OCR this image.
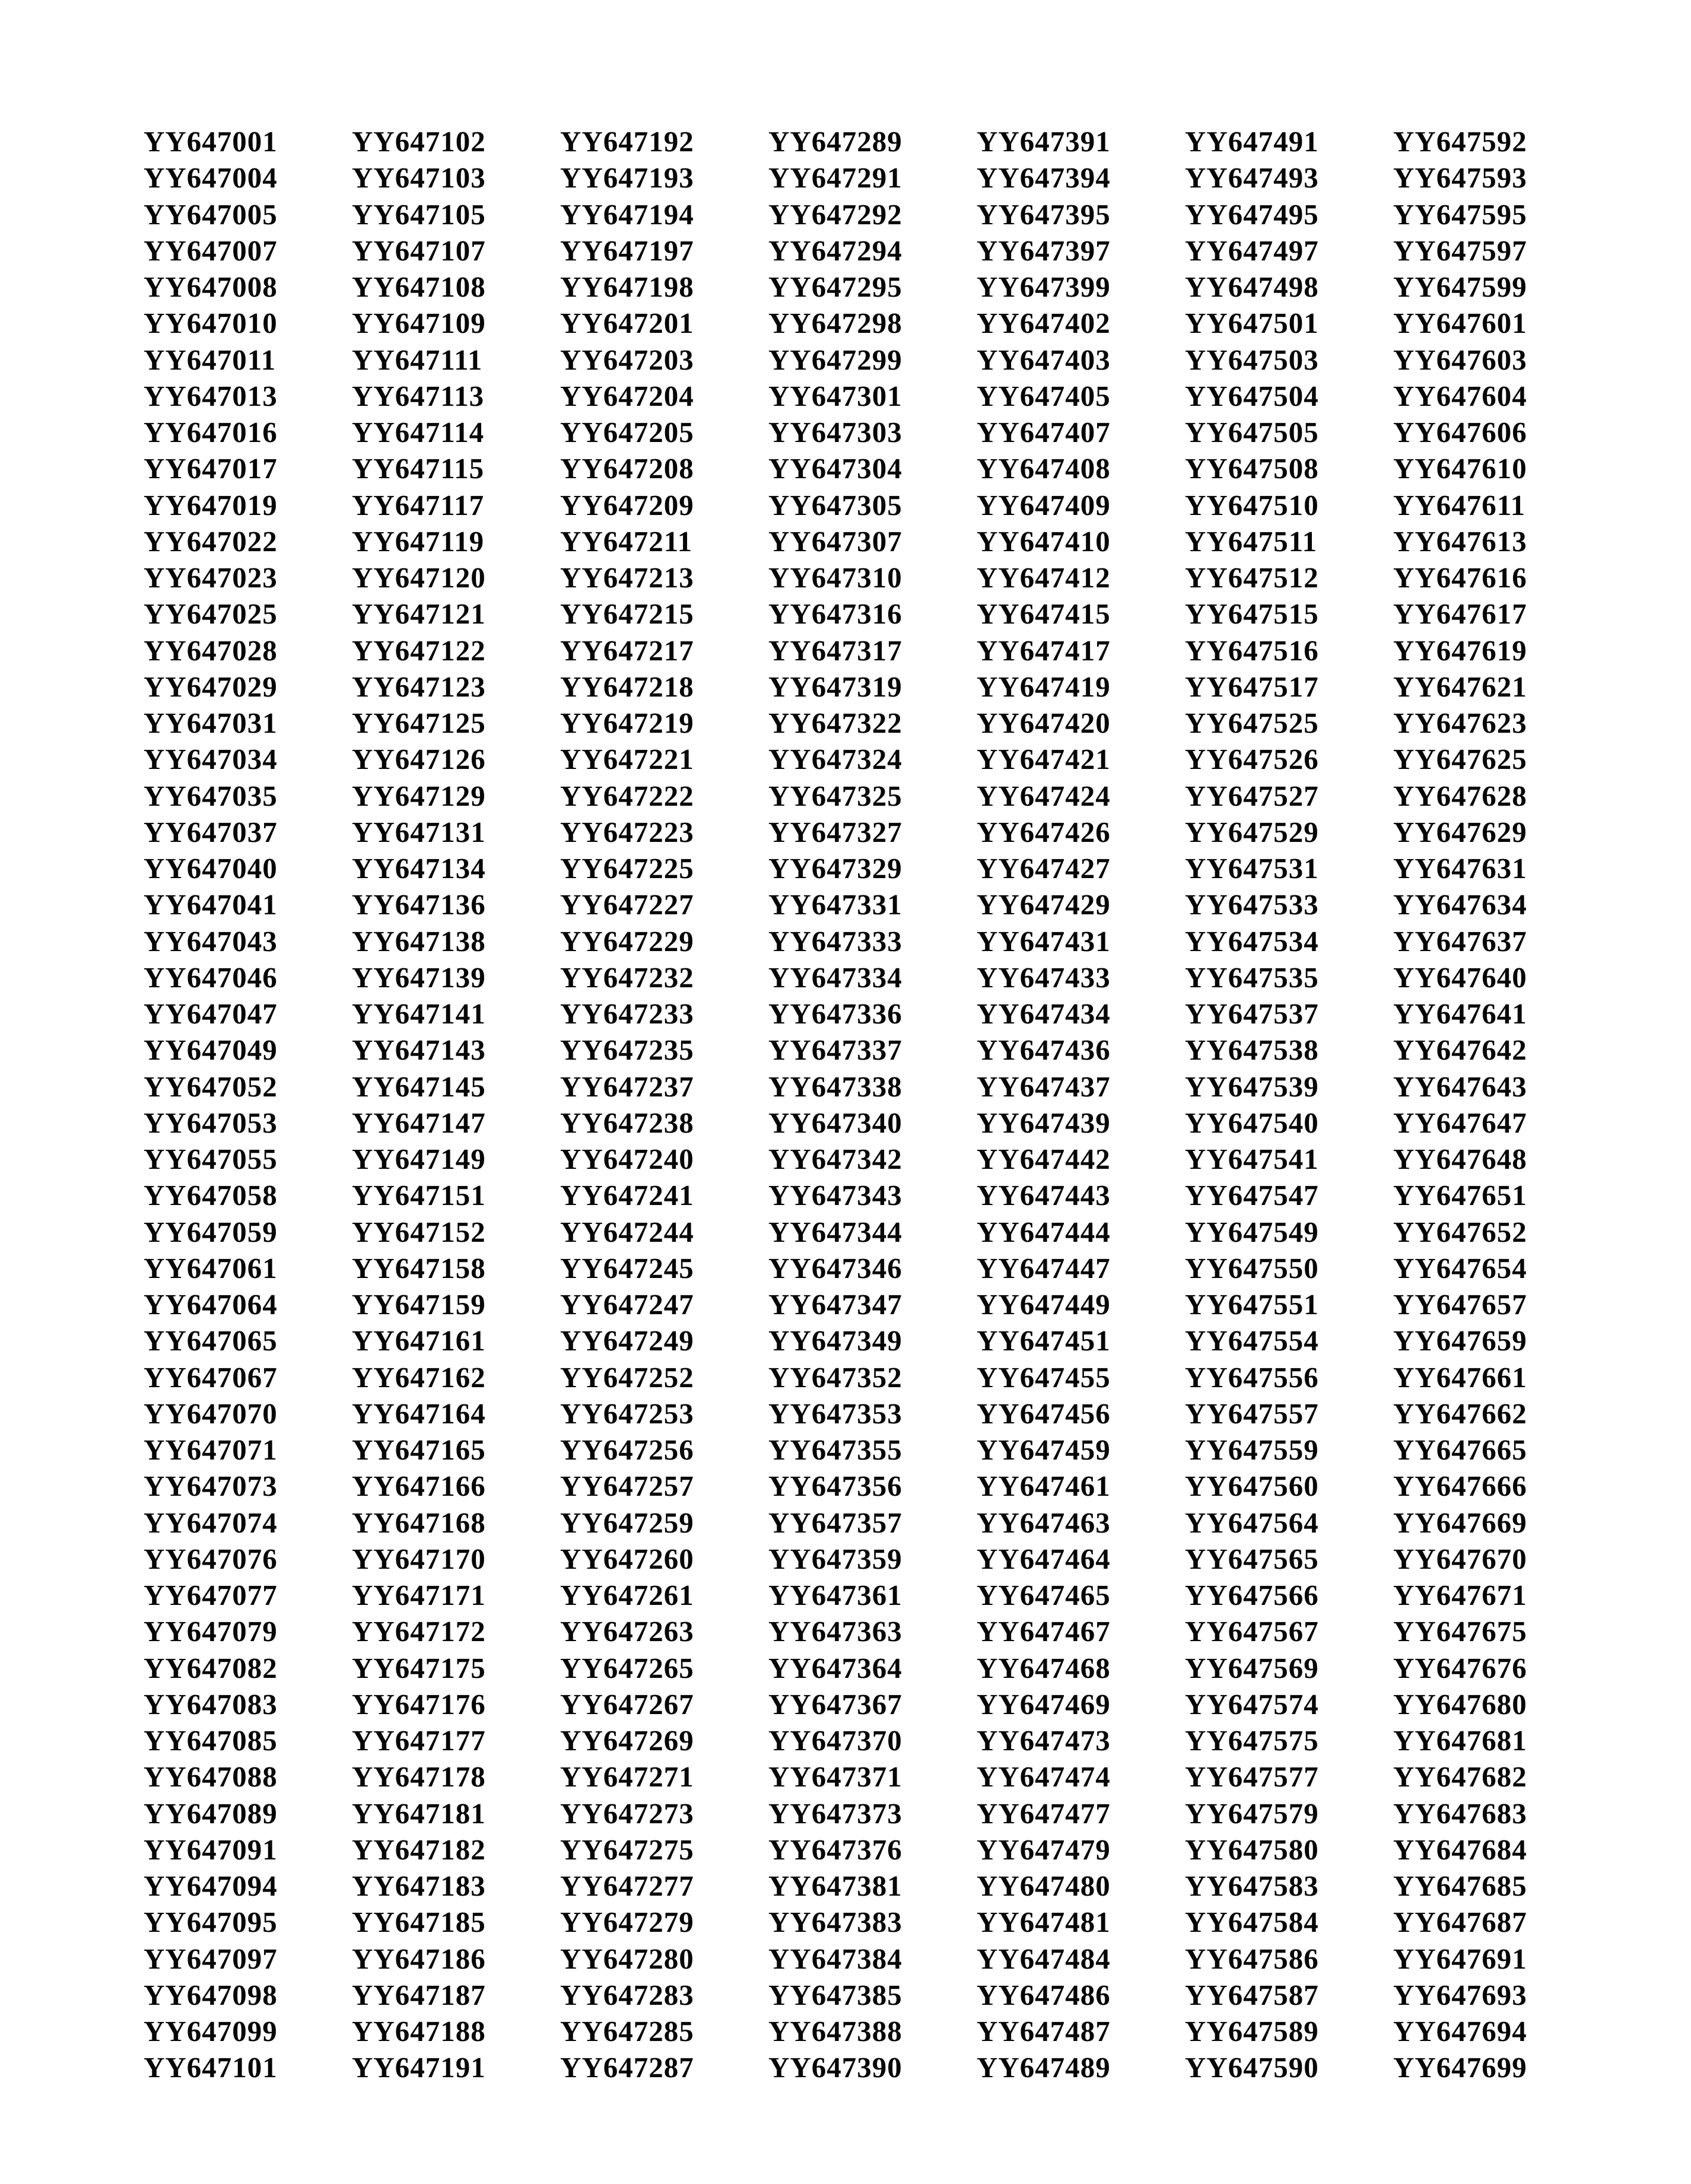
YY647001
YY647004
YY647005
YY647007
YY647008
YY647010
YY647011
YY647013
YY647016
YY647017
YY647019
YY647022
YY647023
YY647025
YY647028
YY647029
YY647031
YY647034
YY647035
YY647037
YY647040
YY647041
YY647043
YY647046
YY647047
YY647049
YY647052
YY647053
YY647055
YY647058
YY647059
YY647061
YY647064
YY647065
YY647067
YY647070
YY647071
YY647073
YY647074
YY647076
YY647077
YY647079
YY647082
YY647083
YY647085
YY647088
YY647089
YY647091
YY647094
YY647095
YY647097
YY647098
YY647099
YY647101
YY647102
YY647103
YY647105
YY647107
YY647108
YY647109
YY647111
YY647113
YY647114
YY647115
YY647117
YY647119
YY647120
YY647121
YY647122
YY647123
YY647125
YY647126
YY647129
YY647131
YY647134
YY647136
YY647138
YY647139
YY647141
YY647143
YY647145
YY647147
YY647149
YY647151
YY647152
YY647158
YY647159
YY647161
YY647162
YY647164
YY647165
YY647166
YY647168
YY647170
YY647171
YY647172
YY647175
YY647176
YY647177
YY647178
YY647181
YY647182
YY647183
YY647185
YY647186
YY647187
YY647188
YY647191
YY647192
YY647193
YY647194
YY647197
YY647198
YY647201
YY647203
YY647204
YY647205
YY647208
YY647209
YY647211
YY647213
YY647215
YY647217
YY647218
YY647219
YY647221
YY647222
YY647223
YY647225
YY647227
YY647229
YY647232
YY647233
YY647235
YY647237
YY647238
YY647240
YY647241
YY647244
YY647245
YY647247
YY647249
YY647252
YY647253
YY647256
YY647257
YY647259
YY647260
YY647261
YY647263
YY647265
YY647267
YY647269
YY647271
YY647273
YY647275
YY647277
YY647279
YY647280
YY647283
YY647285
YY647287
YY647289
YY647291
YY647292
YY647294
YY647295
YY647298
YY647299
YY647301
YY647303
YY647304
YY647305
YY647307
YY647310
YY647316
YY647317
YY647319
YY647322
YY647324
YY647325
YY647327
YY647329
YY647331
YY647333
YY647334
YY647336
YY647337
YY647338
YY647340
YY647342
YY647343
YY647344
YY647346
YY647347
YY647349
YY647352
YY647353
YY647355
YY647356
YY647357
YY647359
YY647361
YY647363
YY647364
YY647367
YY647370
YY647371
YY647373
YY647376
YY647381
YY647383
YY647384
YY647385
YY647388
YY647390
YY647391
YY647394
YY647395
YY647397
YY647399
YY647402
YY647403
YY647405
YY647407
YY647408
YY647409
YY647410
YY647412
YY647415
YY647417
YY647419
YY647420
YY647421
YY647424
YY647426
YY647427
YY647429
YY647431
YY647433
YY647434
YY647436
YY647437
YY647439
YY647442
YY647443
YY647444
YY647447
YY647449
YY647451
YY647455
YY647456
YY647459
YY647461
YY647463
YY647464
YY647465
YY647467
YY647468
YY647469
YY647473
YY647474
YY647477
YY647479
YY647480
YY647481
YY647484
YY647486
YY647487
YY647489
YY647491
YY647493
YY647495
YY647497
YY647498
YY647501
YY647503
YY647504
YY647505
YY647508
YY647510
YY647511
YY647512
YY647515
YY647516
YY647517
YY647525
YY647526
YY647527
YY647529
YY647531
YY647533
YY647534
YY647535
YY647537
YY647538
YY647539
YY647540
YY647541
YY647547
YY647549
YY647550
YY647551
YY647554
YY647556
YY647557
YY647559
YY647560
YY647564
YY647565
YY647566
YY647567
YY647569
YY647574
YY647575
YY647577
YY647579
YY647580
YY647583
YY647584
YY647586
YY647587
YY647589
YY647590
YY647592
YY647593
YY647595
YY647597
YY647599
YY647601
YY647603
YY647604
YY647606
YY647610
YY647611
YY647613
YY647616
YY647617
YY647619
YY647621
YY647623
YY647625
YY647628
YY647629
YY647631
YY647634
YY647637
YY647640
YY647641
YY647642
YY647643
YY647647
YY647648
YY647651
YY647652
YY647654
YY647657
YY647659
YY647661
YY647662
YY647665
YY647666
YY647669
YY647670
YY647671
YY647675
YY647676
YY647680
YY647681
YY647682
YY647683
YY647684
YY647685
YY647687
YY647691
YY647693
YY647694
YY647699
